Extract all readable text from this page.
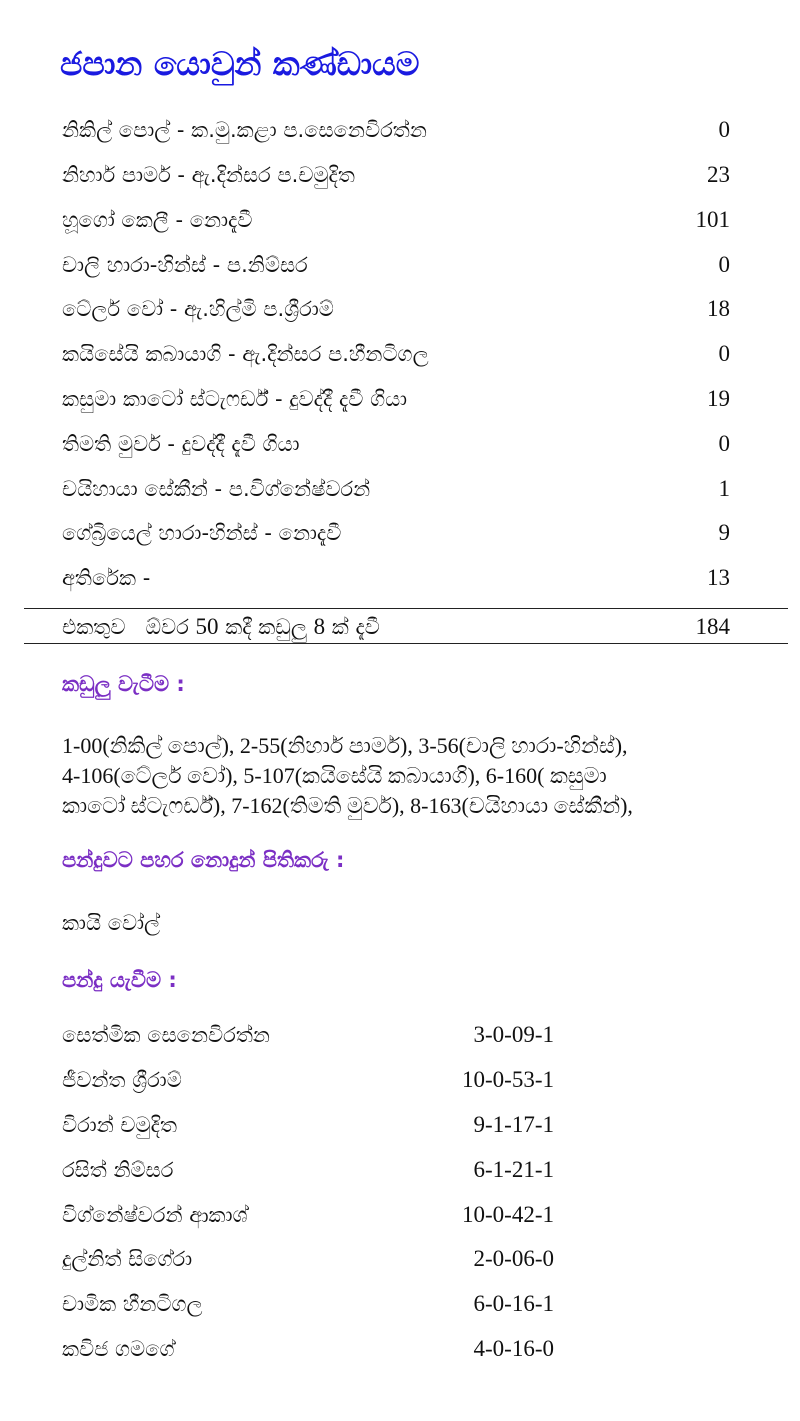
ජපාන යොවුන් කණ්ඩායම
නිකිල් පොල් - ක.මු.කළා ප.සෙනෙවිරත්න	0
නිහාර් පාමර් - ඇ.දින්සර ප.චමුදිත	23
හූගෝ කෙලී - නොදැවී	101
චාලි හාරා-හින්ස් - ප.නිම්සර	0
ටේලර් වෝ - ඇ.හිල්මි ප.ශ්‍රීරාම්	18
කයිසේයි කබායාගි - ඇ.දින්සර ප.හීනටිගල	0
කසුමා කාටෝ ස්ටැෆර්ඩ් - දුවද්දී දැවී ගියා	19
තිමති මුවර් - දුවද්දී දැවී ගියා	0
චයිහායා සේකීන් - ප.විග්නේෂ්වරන්	1
ගේබ්‍රියෙල් හාරා-හින්ස් - නොදැවී	9
අතිරේක -	13
එකතුව ඕවර 50 කදී කඩුලු 8 ක් දැවී	184
කඩුලු වැටීම :
1-00(නිකිල් පොල්), 2-55(නිහාර් පාමර්), 3-56(චාලි හාරා-හින්ස්),
4-106(ටේලර් වෝ), 5-107(කයිසේයි කබායාගි), 6-160( කසුමා
කාටෝ ස්ටැෆර්ඩ්), 7-162(තිමති මුවර්), 8-163(චයිහායා සේකීන්),
පන්දුවට පහර නොදුන් පිතිකරු :
කායි වෝල්
පන්දු යැවීම :
සෙත්මික සෙනෙවිරත්න	3-0-09-1
ජීවන්ත ශ්‍රීරාම්	10-0-53-1
විරාන් චමුදිත	9-1-17-1
රසිත් නිම්සර	6-1-21-1
විග්නේෂ්වරන් ආකාශ්	10-0-42-1
දුල්නිත් සිගේරා	2-0-06-0
චාමික හීනටිගල	6-0-16-1
කවිජ ගමගේ	4-0-16-0
